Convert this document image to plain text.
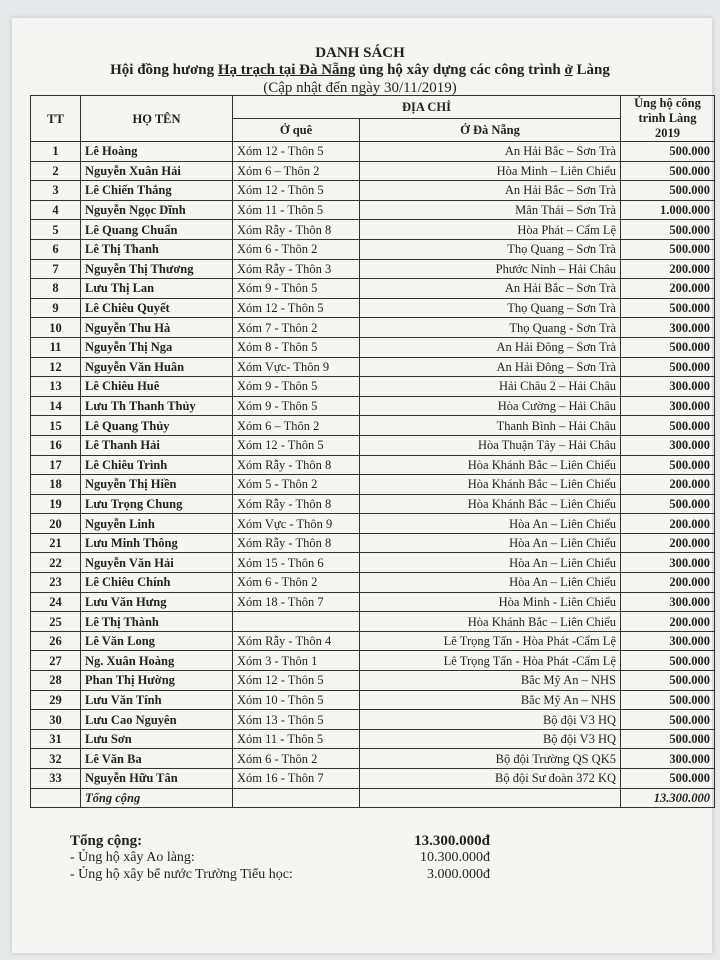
DANH SÁCH
Hội đồng hương Hạ trạch tại Đà Nẵng ủng hộ xây dựng các công trình ở Làng
(Cập nhật đến ngày 30/11/2019)
TT	HỌ TÊN	ĐỊA CHỈ		Ủng hộ công trình Làng 2019
		Ở quê	Ở Đà Nẵng	
1	Lê Hoàng	Xóm 12 - Thôn 5	An Hải Bắc – Sơn Trà	500.000
2	Nguyễn Xuân Hải	Xóm 6 – Thôn 2	Hòa Minh – Liên Chiểu	500.000
3	Lê Chiến Thắng	Xóm 12 - Thôn 5	An Hải Bắc – Sơn Trà	500.000
4	Nguyễn Ngọc Dĩnh	Xóm 11 - Thôn 5	Mân Thái – Sơn Trà	1.000.000
5	Lê Quang Chuẩn	Xóm Rẫy - Thôn 8	Hòa Phát – Cẩm Lệ	500.000
6	Lê Thị Thanh	Xóm 6 - Thôn 2	Thọ Quang – Sơn Trà	500.000
7	Nguyễn Thị Thương	Xóm Rẫy - Thôn 3	Phước Ninh – Hải Châu	200.000
8	Lưu Thị Lan	Xóm 9 - Thôn 5	An Hải Bắc – Sơn Trà	200.000
9	Lê Chiêu Quyết	Xóm 12 - Thôn 5	Thọ Quang – Sơn Trà	500.000
10	Nguyễn Thu Hà	Xóm 7 - Thôn 2	Thọ Quang - Sơn Trà	300.000
11	Nguyễn Thị Nga	Xóm 8 - Thôn 5	An Hải Đông – Sơn Trà	500.000
12	Nguyễn Văn Huân	Xóm Vực- Thôn 9	An Hải Đông – Sơn Trà	500.000
13	Lê Chiêu Huê	Xóm 9 - Thôn 5	Hải Châu 2 – Hải Châu	300.000
14	Lưu Th Thanh Thủy	Xóm 9 - Thôn 5	Hòa Cường – Hải Châu	300.000
15	Lê Quang Thủy	Xóm 6 – Thôn 2	Thanh Bình – Hải Châu	500.000
16	Lê Thanh Hải	Xóm 12 - Thôn 5	Hòa Thuận Tây – Hải Châu	300.000
17	Lê Chiêu Trình	Xóm Rẫy - Thôn 8	Hòa Khánh Bắc – Liên Chiểu	500.000
18	Nguyễn Thị Hiền	Xóm 5 - Thôn 2	Hòa Khánh Bắc – Liên Chiểu	200.000
19	Lưu Trọng Chung	Xóm Rẫy - Thôn 8	Hòa Khánh Bắc – Liên Chiểu	500.000
20	Nguyễn Linh	Xóm Vực - Thôn 9	Hòa An – Liên Chiểu	200.000
21	Lưu Minh Thông	Xóm Rẫy - Thôn 8	Hòa An – Liên Chiểu	200.000
22	Nguyễn Văn Hải	Xóm 15 - Thôn 6	Hòa An – Liên Chiểu	300.000
23	Lê Chiêu Chính	Xóm 6 - Thôn 2	Hòa An – Liên Chiểu	200.000
24	Lưu Văn Hưng	Xóm 18 - Thôn 7	Hòa Minh - Liên Chiểu	300.000
25	Lê Thị Thành		Hòa Khánh Bắc – Liên Chiểu	200.000
26	Lê Văn Long	Xóm Rẫy - Thôn 4	Lê Trọng Tấn - Hòa Phát -Cẩm Lệ	300.000
27	Ng. Xuân Hoàng	Xóm 3 - Thôn 1	Lê Trọng Tấn - Hòa Phát -Cẩm Lệ	500.000
28	Phan Thị Hường	Xóm 12 - Thôn 5	Bắc Mỹ An – NHS	500.000
29	Lưu Văn Tính	Xóm 10 - Thôn 5	Bắc Mỹ An – NHS	500.000
30	Lưu Cao Nguyên	Xóm 13 - Thôn 5	Bộ đội V3 HQ	500.000
31	Lưu Sơn	Xóm 11 - Thôn 5	Bộ đội V3 HQ	500.000
32	Lê Văn Ba	Xóm 6 - Thôn 2	Bộ đội Trường QS QK5	300.000
33	Nguyễn Hữu Tân	Xóm 16 - Thôn 7	Bộ đội Sư đoàn 372 KQ	500.000
	Tổng cộng			13.300.000
Tổng cộng:	13.300.000đ
- Ủng hộ xây Ao làng:	10.300.000đ
- Ủng hộ xây bể nước Trường Tiểu học:	3.000.000đ
